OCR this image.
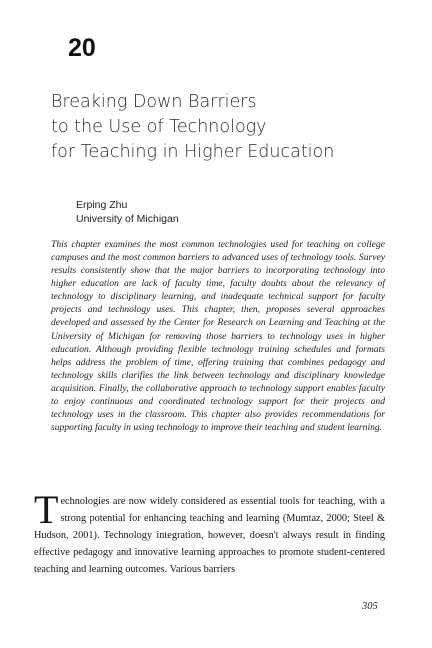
20
Breaking Down Barriers
to the Use of Technology
for Teaching in Higher Education
Erping Zhu
University of Michigan

This chapter examines the most common technologies used for teaching on college campuses and the most common barriers to advanced uses of technology tools. Survey results consistently show that the major barriers to incorporating technology into higher education are lack of faculty time, faculty doubts about the relevancy of technology to disciplinary learning, and inadequate technical support for faculty projects and technology uses. This chapter, then, proposes several approaches developed and assessed by the Center for Research on Learning and Teaching at the University of Michigan for removing those barriers to technology uses in higher education. Although providing flexible technology training schedules and formats helps address the problem of time, offering training that combines pedagogy and technology skills clarifies the link between technology and disciplinary knowledge acquisition. Finally, the collaborative approach to technology support enables faculty to enjoy continuous and coordinated technology support for their projects and technology uses in the classroom. This chapter also provides recommendations for supporting faculty in using technology to improve their teaching and student learning.

Technologies are now widely considered as essential tools for teaching, with a strong potential for enhancing teaching and learning (Mumtaz, 2000; Steel & Hudson, 2001). Technology integration, however, doesn't always result in finding effective pedagogy and innovative learning approaches to promote student-centered teaching and learning outcomes. Various barriers

305
